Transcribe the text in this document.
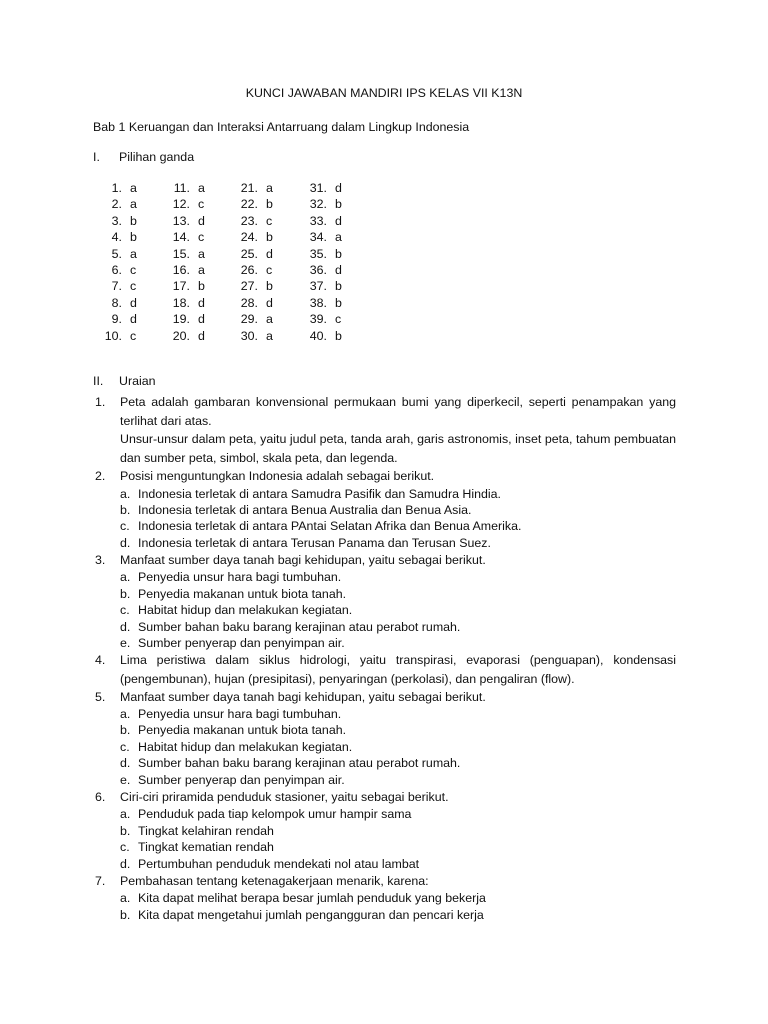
KUNCI JAWABAN MANDIRI IPS KELAS VII K13N
Bab 1 Keruangan dan Interaksi Antarruang dalam Lingkup Indonesia
I. Pilihan ganda
1. a
2. a
3. b
4. b
5. a
6. c
7. c
8. d
9. d
10. c
11. a
12. c
13. d
14. c
15. a
16. a
17. b
18. d
19. d
20. d
21. a
22. b
23. c
24. b
25. d
26. c
27. b
28. d
29. a
30. a
31. d
32. b
33. d
34. a
35. b
36. d
37. b
38. b
39. c
40. b
II. Uraian
1. Peta adalah gambaran konvensional permukaan bumi yang diperkecil, seperti penampakan yang terlihat dari atas.

Unsur-unsur dalam peta, yaitu judul peta, tanda arah, garis astronomis, inset peta, tahum pembuatan dan sumber peta, simbol, skala peta, dan legenda.

2. Posisi menguntungkan Indonesia adalah sebagai berikut.

a. Indonesia terletak di antara Samudra Pasifik dan Samudra Hindia.
b. Indonesia terletak di antara Benua Australia dan Benua Asia.
c. Indonesia terletak di antara PAntai Selatan Afrika dan Benua Amerika.
d. Indonesia terletak di antara Terusan Panama dan Terusan Suez.
3. Manfaat sumber daya tanah bagi kehidupan, yaitu sebagai berikut.

a. Penyedia unsur hara bagi tumbuhan.
b. Penyedia makanan untuk biota tanah.
c. Habitat hidup dan melakukan kegiatan.
d. Sumber bahan baku barang kerajinan atau perabot rumah.
e. Sumber penyerap dan penyimpan air.
4. Lima peristiwa dalam siklus hidrologi, yaitu transpirasi, evaporasi (penguapan), kondensasi (pengembunan), hujan (presipitasi), penyaringan (perkolasi), dan pengaliran (flow).

5. Manfaat sumber daya tanah bagi kehidupan, yaitu sebagai berikut.

a. Penyedia unsur hara bagi tumbuhan.
b. Penyedia makanan untuk biota tanah.
c. Habitat hidup dan melakukan kegiatan.
d. Sumber bahan baku barang kerajinan atau perabot rumah.
e. Sumber penyerap dan penyimpan air.
6. Ciri-ciri priramida penduduk stasioner, yaitu sebagai berikut.

a. Penduduk pada tiap kelompok umur hampir sama
b. Tingkat kelahiran rendah
c. Tingkat kematian rendah
d. Pertumbuhan penduduk mendekati nol atau lambat
7. Pembahasan tentang ketenagakerjaan menarik, karena:

a. Kita dapat melihat berapa besar jumlah penduduk yang bekerja
b. Kita dapat mengetahui jumlah pengangguran dan pencari kerja
